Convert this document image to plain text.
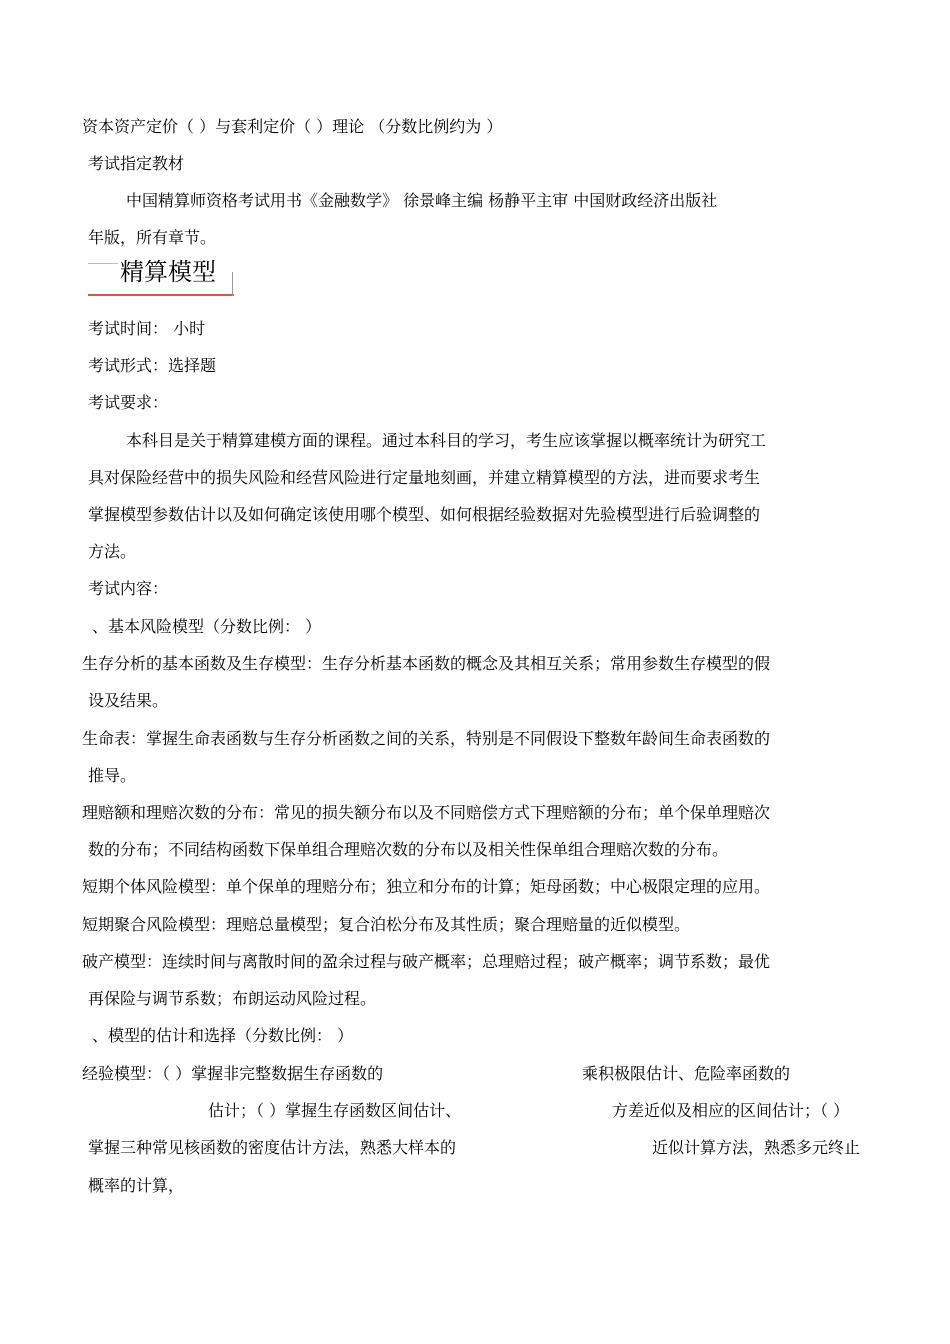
资本资产定价（ ）与套利定价（ ）理论 （分数比例约为 ）
考试指定教材
中国精算师资格考试用书《金融数学》 徐景峰主编 杨静平主审 中国财政经济出版社
年版，所有章节。
精算模型
考试时间： 小时
考试形式：选择题
考试要求：
本科目是关于精算建模方面的课程。通过本科目的学习，考生应该掌握以概率统计为研究工
具对保险经营中的损失风险和经营风险进行定量地刻画，并建立精算模型的方法，进而要求考生
掌握模型参数估计以及如何确定该使用哪个模型、如何根据经验数据对先验模型进行后验调整的
方法。
考试内容：
、基本风险模型（分数比例： ）
生存分析的基本函数及生存模型：生存分析基本函数的概念及其相互关系；常用参数生存模型的假
设及结果。
生命表：掌握生命表函数与生存分析函数之间的关系，特别是不同假设下整数年龄间生命表函数的
推导。
理赔额和理赔次数的分布：常见的损失额分布以及不同赔偿方式下理赔额的分布；单个保单理赔次
数的分布；不同结构函数下保单组合理赔次数的分布以及相关性保单组合理赔次数的分布。
短期个体风险模型：单个保单的理赔分布；独立和分布的计算；矩母函数；中心极限定理的应用。
短期聚合风险模型：理赔总量模型；复合泊松分布及其性质；聚合理赔量的近似模型。
破产模型：连续时间与离散时间的盈余过程与破产概率；总理赔过程；破产概率；调节系数；最优
再保险与调节系数；布朗运动风险过程。
、模型的估计和选择（分数比例： ）
经验模型：（ ）掌握非完整数据生存函数的	乘积极限估计、危险率函数的
估计；（ ）掌握生存函数区间估计、	方差近似及相应的区间估计；（ ）
掌握三种常见核函数的密度估计方法，熟悉大样本的	近似计算方法，熟悉多元终止
概率的计算，
